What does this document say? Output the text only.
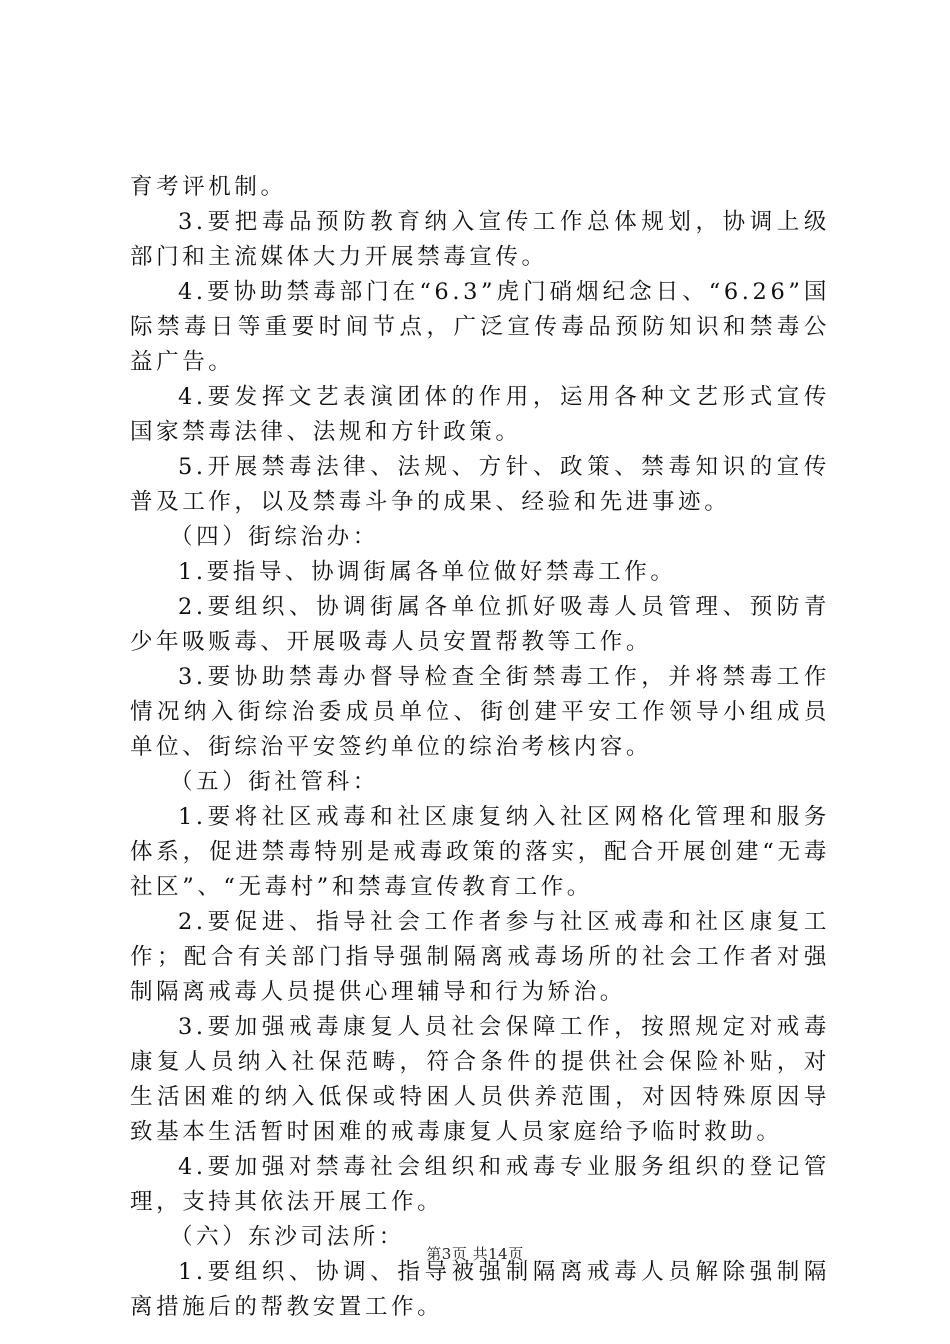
育考评机制。

3.要把毒品预防教育纳入宣传工作总体规划，协调上级部门和主流媒体大力开展禁毒宣传。

4.要协助禁毒部门在“6.3”虎门硝烟纪念日、“6.26”国际禁毒日等重要时间节点，广泛宣传毒品预防知识和禁毒公益广告。

4.要发挥文艺表演团体的作用，运用各种文艺形式宣传国家禁毒法律、法规和方针政策。

5.开展禁毒法律、法规、方针、政策、禁毒知识的宣传普及工作，以及禁毒斗争的成果、经验和先进事迹。

（四）街综治办：

1.要指导、协调街属各单位做好禁毒工作。

2.要组织、协调街属各单位抓好吸毒人员管理、预防青少年吸贩毒、开展吸毒人员安置帮教等工作。

3.要协助禁毒办督导检查全街禁毒工作，并将禁毒工作情况纳入街综治委成员单位、街创建平安工作领导小组成员单位、街综治平安签约单位的综治考核内容。

（五）街社管科：

1.要将社区戒毒和社区康复纳入社区网格化管理和服务体系，促进禁毒特别是戒毒政策的落实，配合开展创建“无毒社区”、“无毒村”和禁毒宣传教育工作。

2.要促进、指导社会工作者参与社区戒毒和社区康复工作；配合有关部门指导强制隔离戒毒场所的社会工作者对强制隔离戒毒人员提供心理辅导和行为矫治。

3.要加强戒毒康复人员社会保障工作，按照规定对戒毒康复人员纳入社保范畴，符合条件的提供社会保险补贴，对生活困难的纳入低保或特困人员供养范围，对因特殊原因导致基本生活暂时困难的戒毒康复人员家庭给予临时救助。

4.要加强对禁毒社会组织和戒毒专业服务组织的登记管理，支持其依法开展工作。

（六）东沙司法所：

1.要组织、协调、指导被强制隔离戒毒人员解除强制隔离措施后的帮教安置工作。

第3页 共14页
